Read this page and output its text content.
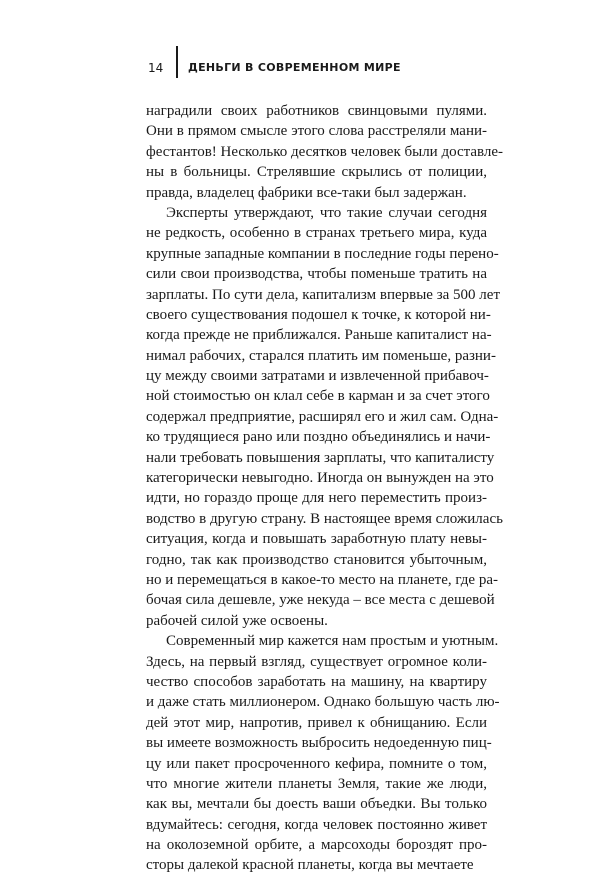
14 ДЕНЬГИ В СОВРЕМЕННОМ МИРЕ
наградили своих работников свинцовыми пулями.
Они в прямом смысле этого слова расстреляли мани-
фестантов! Несколько десятков человек были доставле-
ны в больницы. Стрелявшие скрылись от полиции,
правда, владелец фабрики все-таки был задержан.
Эксперты утверждают, что такие случаи сегодня
не редкость, особенно в странах третьего мира, куда
крупные западные компании в последние годы перено-
сили свои производства, чтобы поменьше тратить на
зарплаты. По сути дела, капитализм впервые за 500 лет
своего существования подошел к точке, к которой ни-
когда прежде не приближался. Раньше капиталист на-
нимал рабочих, старался платить им поменьше, разни-
цу между своими затратами и извлеченной прибавоч-
ной стоимостью он клал себе в карман и за счет этого
содержал предприятие, расширял его и жил сам. Одна-
ко трудящиеся рано или поздно объединялись и начи-
нали требовать повышения зарплаты, что капиталисту
категорически невыгодно. Иногда он вынужден на это
идти, но гораздо проще для него переместить произ-
водство в другую страну. В настоящее время сложилась
ситуация, когда и повышать заработную плату невы-
годно, так как производство становится убыточным,
но и перемещаться в какое-то место на планете, где ра-
бочая сила дешевле, уже некуда – все места с дешевой
рабочей силой уже освоены.
Современный мир кажется нам простым и уютным.
Здесь, на первый взгляд, существует огромное коли-
чество способов заработать на машину, на квартиру
и даже стать миллионером. Однако большую часть лю-
дей этот мир, напротив, привел к обнищанию. Если
вы имеете возможность выбросить недоеденную пиц-
цу или пакет просроченного кефира, помните о том,
что многие жители планеты Земля, такие же люди,
как вы, мечтали бы доесть ваши объедки. Вы только
вдумайтесь: сегодня, когда человек постоянно живет
на околоземной орбите, а марсоходы бороздят про-
сторы далекой красной планеты, когда вы мечтаете
